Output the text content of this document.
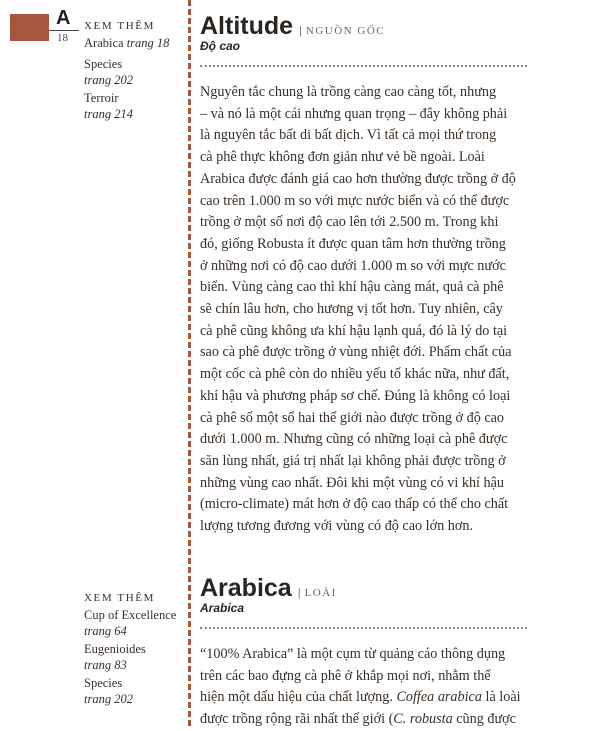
A
18
XEM THÊM
Arabica trang 18
Species
trang 202
Terroir
trang 214
Altitude | NGUỒN GỐC
Độ cao
Nguyên tắc chung là trồng càng cao càng tốt, nhưng
– và nó là một cái nhưng quan trọng – đây không phải
là nguyên tắc bất di bất dịch. Vì tất cả mọi thứ trong
cà phê thực không đơn giản như vẻ bề ngoài. Loài
Arabica được đánh giá cao hơn thường được trồng ở độ
cao trên 1.000 m so với mực nước biển và có thể được
trồng ở một số nơi độ cao lên tới 2.500 m. Trong khi
đó, giống Robusta ít được quan tâm hơn thường trồng
ở những nơi có độ cao dưới 1.000 m so với mực nước
biển. Vùng càng cao thì khí hậu càng mát, quả cà phê
sẽ chín lâu hơn, cho hương vị tốt hơn. Tuy nhiên, cây
cà phê cũng không ưa khí hậu lạnh quá, đó là lý do tại
sao cà phê được trồng ở vùng nhiệt đới. Phẩm chất của
một cốc cà phê còn do nhiều yếu tố khác nữa, như đất,
khí hậu và phương pháp sơ chế. Đúng là không có loại
cà phê số một số hai thế giới nào được trồng ở độ cao
dưới 1.000 m. Nhưng cũng có những loại cà phê được
săn lùng nhất, giá trị nhất lại không phải được trồng ở
những vùng cao nhất. Đôi khi một vùng có vi khí hậu
(micro-climate) mát hơn ở độ cao thấp có thể cho chất
lượng tương đương với vùng có độ cao lớn hơn.
XEM THÊM
Cup of Excellence
trang 64
Eugenioides
trang 83
Species
trang 202
Arabica | LOÀI
Arabica
“100% Arabica” là một cụm từ quảng cáo thông dụng
trên các bao đựng cà phê ở khắp mọi nơi, nhằm thể
hiện một dấu hiệu của chất lượng. Coffea arabica là loài
được trồng rộng rãi nhất thế giới (C. robusta cũng được
